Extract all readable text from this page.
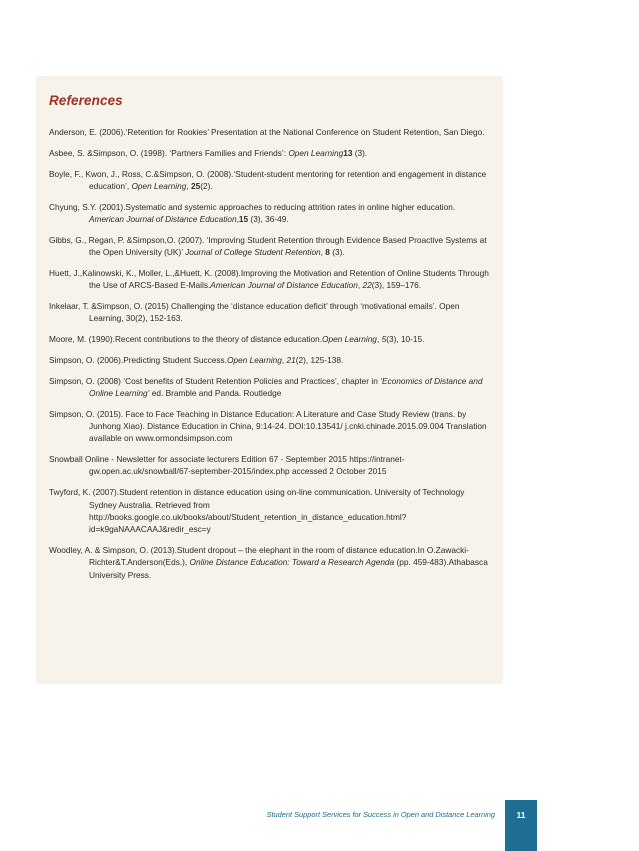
References
Anderson, E. (2006).‘Retention for Rookies’ Presentation at the National Conference on Student Retention, San Diego.
Asbee, S. &Simpson, O. (1998). ‘Partners Families and Friends’: Open Learning13 (3).
Boyle, F., Kwon, J., Ross, C.&Simpson, O. (2008).‘Student-student mentoring for retention and engagement in distance education’, Open Learning, 25(2).
Chyung, S.Y. (2001).Systematic and systemic approaches to reducing attrition rates in online higher education. American Journal of Distance Education,15 (3), 36-49.
Gibbs, G., Regan, P. &Simpson,O. (2007). ‘Improving Student Retention through Evidence Based Proactive Systems at the Open University (UK)’ Journal of College Student Retention, 8 (3).
Huett, J.,Kalinowski, K., Moller, L.,&Huett, K. (2008).Improving the Motivation and Retention of Online Students Through the Use of ARCS-Based E-Mails.American Journal of Distance Education, 22(3), 159–176.
Inkelaar, T. &Simpson, O. (2015) Challenging the ‘distance education deficit’ through ‘motivational emails’. Open Learning, 30(2), 152-163.
Moore, M. (1990).Recent contributions to the theory of distance education.Open Learning, 5(3), 10-15.
Simpson, O. (2006).Predicting Student Success.Open Learning, 21(2), 125-138.
Simpson, O. (2008) ‘Cost benefits of Student Retention Policies and Practices’, chapter in ‘Economics of Distance and Online Learning’ ed. Bramble and Panda. Routledge
Simpson, O. (2015). Face to Face Teaching in Distance Education: A Literature and Case Study Review (trans. by Junhong Xiao). Distance Education in China, 9:14-24. DOI:10.13541/ j.cnki.chinade.2015.09.004 Translation available on www.ormondsimpson.com
Snowball Online - Newsletter for associate lecturers Edition 67 - September 2015 https://intranet-gw.open.ac.uk/snowball/67-september-2015/index.php accessed 2 October 2015
Twyford, K. (2007).Student retention in distance education using on-line communication. University of Technology Sydney Australia. Retrieved from http://books.google.co.uk/books/about/Student_retention_in_distance_education.html?id=k9gaNAAACAAJ&redir_esc=y
Woodley, A. & Simpson, O. (2013).Student dropout – the elephant in the room of distance education.In O.Zawacki-Richter&T.Anderson(Eds.), Online Distance Education: Toward a Research Agenda (pp. 459-483).Athabasca University Press.
Student Support Services for Success in Open and Distance Learning	11
